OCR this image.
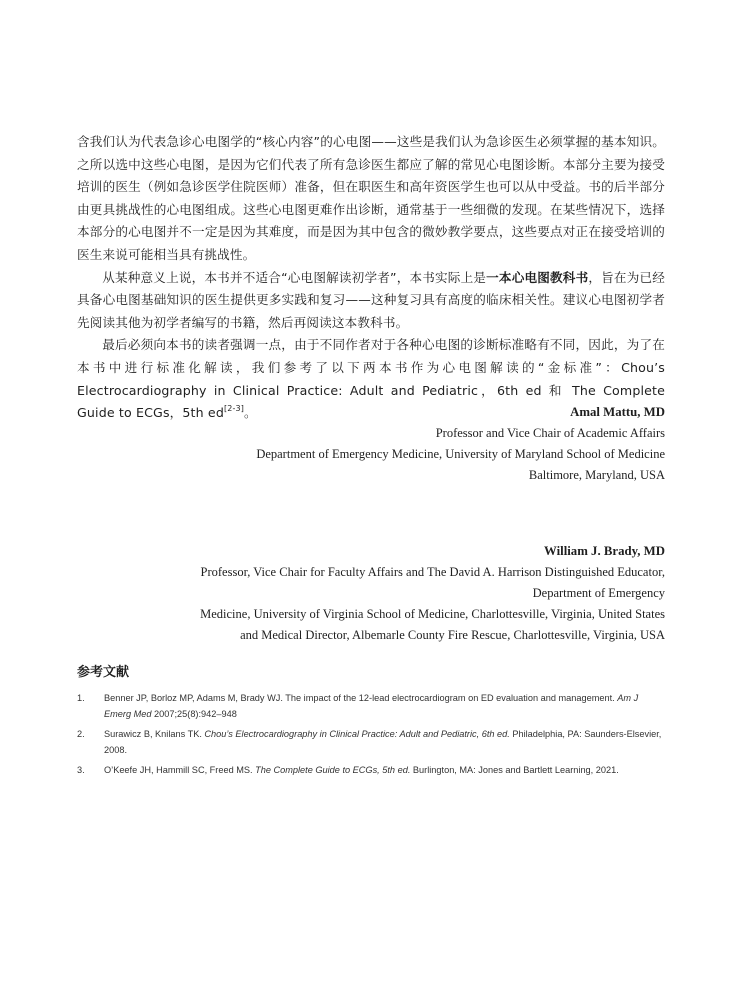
含我们认为代表急诊心电图学的“核心内容”的心电图——这些是我们认为急诊医生必须掌握的基本知识。之所以选中这些心电图，是因为它们代表了所有急诊医生都应了解的常见心电图诊断。本部分主要为接受培训的医生（例如急诊医学住院医师）准备，但在职医生和高年资医学生也可以从中受益。书的后半部分由更具挑战性的心电图组成。这些心电图更难作出诊断，通常基于一些细微的发现。在某些情况下，选择本部分的心电图并不一定是因为其难度，而是因为其中包含的微妙教学要点，这些要点对正在接受培训的医生来说可能相当具有挑战性。

从某种意义上说，本书并不适合“心电图解读初学者”，本书实际上是一本心电图教科书，旨在为已经具备心电图基础知识的医生提供更多实践和复习——这种复习具有高度的临床相关性。建议心电图初学者先阅读其他为初学者编写的书籍，然后再阅读这本教科书。

最后必须向本书的读者强调一点，由于不同作者对于各种心电图的诊断标准略有不同，因此，为了在本书中进行标准化解读，我们参考了以下两本书作为心电图解读的“金标准”：Chou’s Electrocardiography in Clinical Practice: Adult and Pediatric，6th ed 和 The Complete Guide to ECGs，5th ed[2-3]。	Amal Mattu, MD
Professor and Vice Chair of Academic Affairs
Department of Emergency Medicine, University of Maryland School of Medicine
Baltimore, Maryland, USA
William J. Brady, MD
Professor, Vice Chair for Faculty Affairs and The David A. Harrison Distinguished Educator,
Department of Emergency
Medicine, University of Virginia School of Medicine, Charlottesville, Virginia, United States
and Medical Director, Albemarle County Fire Rescue, Charlottesville, Virginia, USA
参考文献
1.	Benner JP, Borloz MP, Adams M, Brady WJ. The impact of the 12-lead electrocardiogram on ED evaluation and management. Am J Emerg Med 2007;25(8):942–948
2.	Surawicz B, Knilans TK. Chou’s Electrocardiography in Clinical Practice: Adult and Pediatric, 6th ed. Philadelphia, PA: Saunders-Elsevier, 2008.
3.	O’Keefe JH, Hammill SC, Freed MS. The Complete Guide to ECGs, 5th ed. Burlington, MA: Jones and Bartlett Learning, 2021.
